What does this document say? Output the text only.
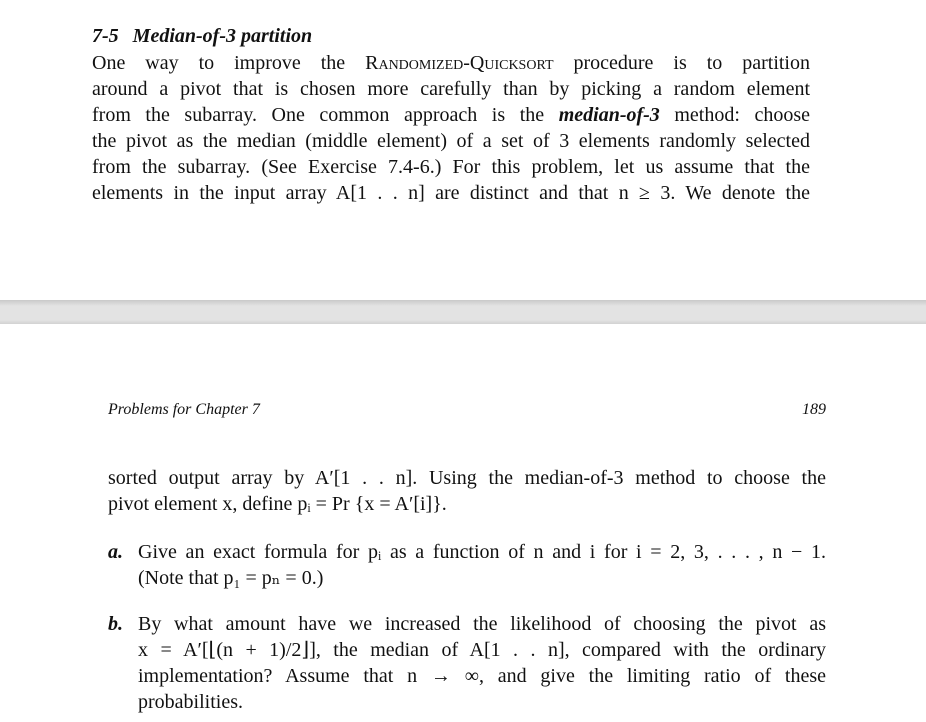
7-5 Median-of-3 partition
One way to improve the Randomized-Quicksort procedure is to partition
around a pivot that is chosen more carefully than by picking a random element
from the subarray. One common approach is the median-of-3 method: choose
the pivot as the median (middle element) of a set of 3 elements randomly selected
from the subarray. (See Exercise 7.4-6.) For this problem, let us assume that the
elements in the input array A[1 . . n] are distinct and that n ≥ 3. We denote the
Problems for Chapter 7	189
sorted output array by A′[1 . . n]. Using the median-of-3 method to choose the
pivot element x, define pᵢ = Pr {x = A′[i]}.
a. Give an exact formula for pᵢ as a function of n and i for i = 2, 3, . . . , n − 1.
(Note that p₁ = pₙ = 0.)
b. By what amount have we increased the likelihood of choosing the pivot as
x = A′[⌊(n + 1)/2⌋], the median of A[1 . . n], compared with the ordinary
implementation? Assume that n → ∞, and give the limiting ratio of these
probabilities.
